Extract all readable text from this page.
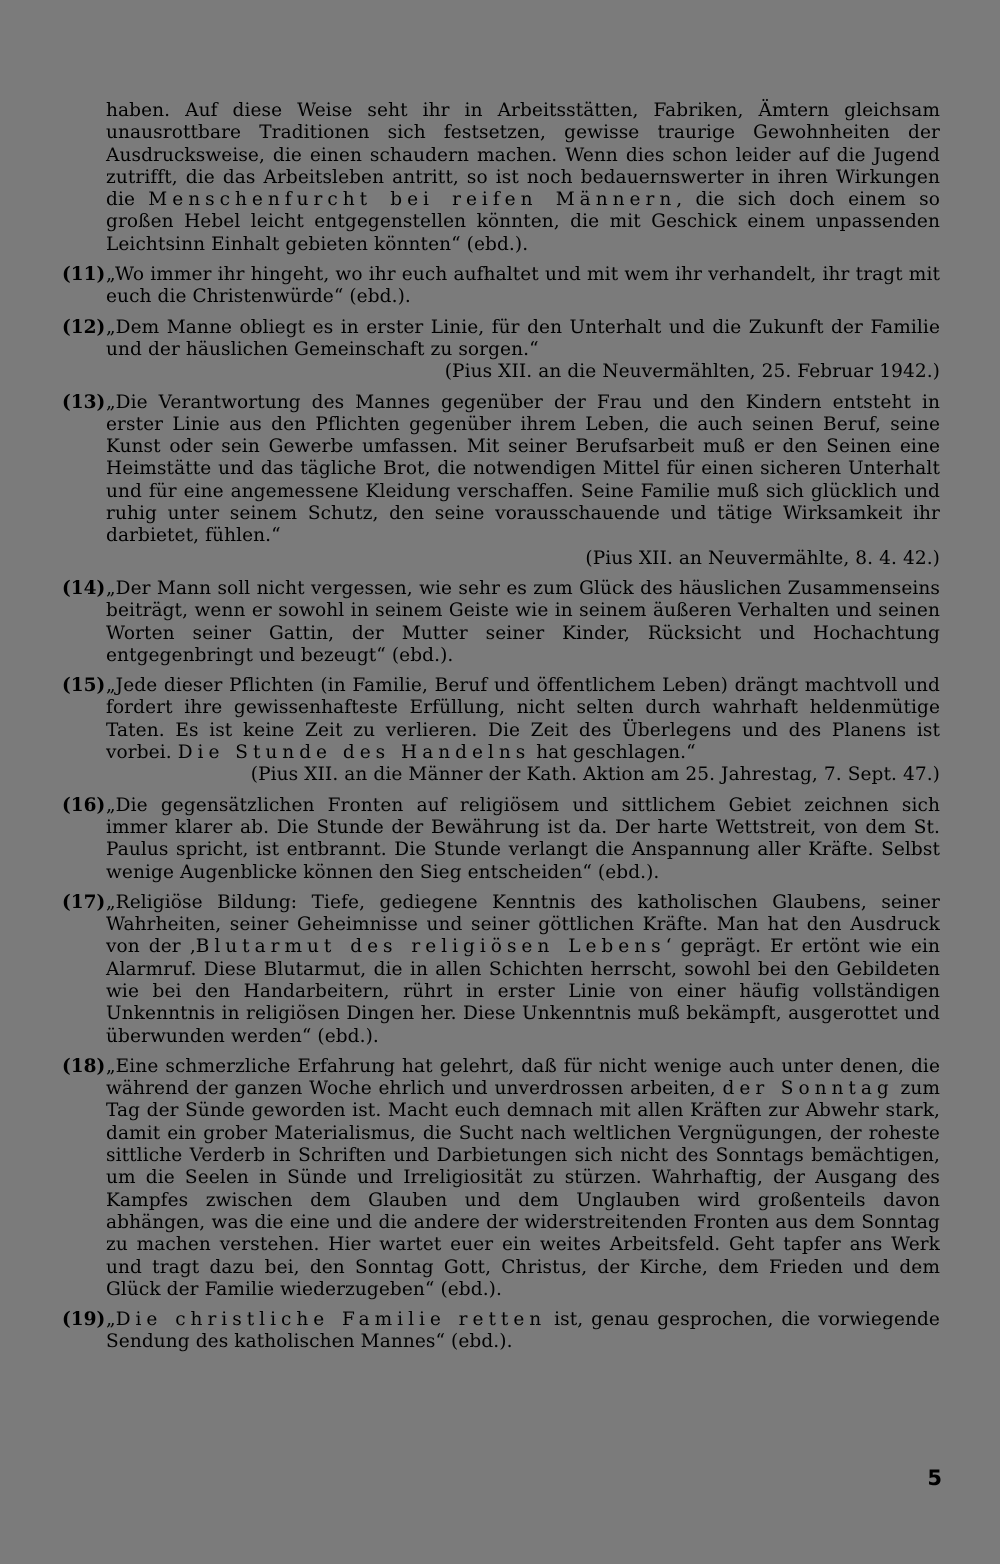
haben. Auf diese Weise seht ihr in Arbeitsstätten, Fabriken, Ämtern gleichsam unausrottbare Traditionen sich festsetzen, gewisse traurige Gewohnheiten der Ausdrucksweise, die einen schaudern machen. Wenn dies schon leider auf die Jugend zutrifft, die das Arbeitsleben antritt, so ist noch bedauernswerter in ihren Wirkungen die Menschenfurcht bei reifen Männern, die sich doch einem so großen Hebel leicht entgegenstellen könnten, die mit Geschick einem unpassenden Leichtsinn Einhalt gebieten könnten“ (ebd.).

(11) „Wo immer ihr hingeht, wo ihr euch aufhaltet und mit wem ihr verhandelt, ihr tragt mit euch die Christenwürde“ (ebd.).

(12) „Dem Manne obliegt es in erster Linie, für den Unterhalt und die Zukunft der Familie und der häuslichen Gemeinschaft zu sorgen.“

(Pius XII. an die Neuvermählten, 25. Februar 1942.)

(13) „Die Verantwortung des Mannes gegenüber der Frau und den Kindern entsteht in erster Linie aus den Pflichten gegenüber ihrem Leben, die auch seinen Beruf, seine Kunst oder sein Gewerbe umfassen. Mit seiner Berufsarbeit muß er den Seinen eine Heimstätte und das tägliche Brot, die notwendigen Mittel für einen sicheren Unterhalt und für eine angemessene Kleidung verschaffen. Seine Familie muß sich glücklich und ruhig unter seinem Schutz, den seine vorausschauende und tätige Wirksamkeit ihr darbietet, fühlen.“

(Pius XII. an Neuvermählte, 8. 4. 42.)

(14) „Der Mann soll nicht vergessen, wie sehr es zum Glück des häuslichen Zusammenseins beiträgt, wenn er sowohl in seinem Geiste wie in seinem äußeren Verhalten und seinen Worten seiner Gattin, der Mutter seiner Kinder, Rücksicht und Hochachtung entgegenbringt und bezeugt“ (ebd.).

(15) „Jede dieser Pflichten (in Familie, Beruf und öffentlichem Leben) drängt machtvoll und fordert ihre gewissenhafteste Erfüllung, nicht selten durch wahrhaft heldenmütige Taten. Es ist keine Zeit zu verlieren. Die Zeit des Überlegens und des Planens ist vorbei. Die Stunde des Handelns hat geschlagen.“

(Pius XII. an die Männer der Kath. Aktion am 25. Jahrestag, 7. Sept. 47.)

(16) „Die gegensätzlichen Fronten auf religiösem und sittlichem Gebiet zeichnen sich immer klarer ab. Die Stunde der Bewährung ist da. Der harte Wettstreit, von dem St. Paulus spricht, ist entbrannt. Die Stunde verlangt die Anspannung aller Kräfte. Selbst wenige Augenblicke können den Sieg entscheiden“ (ebd.).

(17) „Religiöse Bildung: Tiefe, gediegene Kenntnis des katholischen Glaubens, seiner Wahrheiten, seiner Geheimnisse und seiner göttlichen Kräfte. Man hat den Ausdruck von der ‚Blutarmut des religiösen Lebens‘ geprägt. Er ertönt wie ein Alarmruf. Diese Blutarmut, die in allen Schichten herrscht, sowohl bei den Gebildeten wie bei den Handarbeitern, rührt in erster Linie von einer häufig vollständigen Unkenntnis in religiösen Dingen her. Diese Unkenntnis muß bekämpft, ausgerottet und überwunden werden“ (ebd.).

(18) „Eine schmerzliche Erfahrung hat gelehrt, daß für nicht wenige auch unter denen, die während der ganzen Woche ehrlich und unverdrossen arbeiten, der Sonntag zum Tag der Sünde geworden ist. Macht euch demnach mit allen Kräften zur Abwehr stark, damit ein grober Materialismus, die Sucht nach weltlichen Vergnügungen, der roheste sittliche Verderb in Schriften und Darbietungen sich nicht des Sonntags bemächtigen, um die Seelen in Sünde und Irreligiosität zu stürzen. Wahrhaftig, der Ausgang des Kampfes zwischen dem Glauben und dem Unglauben wird großenteils davon abhängen, was die eine und die andere der widerstreitenden Fronten aus dem Sonntag zu machen verstehen. Hier wartet euer ein weites Arbeitsfeld. Geht tapfer ans Werk und tragt dazu bei, den Sonntag Gott, Christus, der Kirche, dem Frieden und dem Glück der Familie wiederzugeben“ (ebd.).

(19) „Die christliche Familie retten ist, genau gesprochen, die vorwiegende Sendung des katholischen Mannes“ (ebd.).

5
